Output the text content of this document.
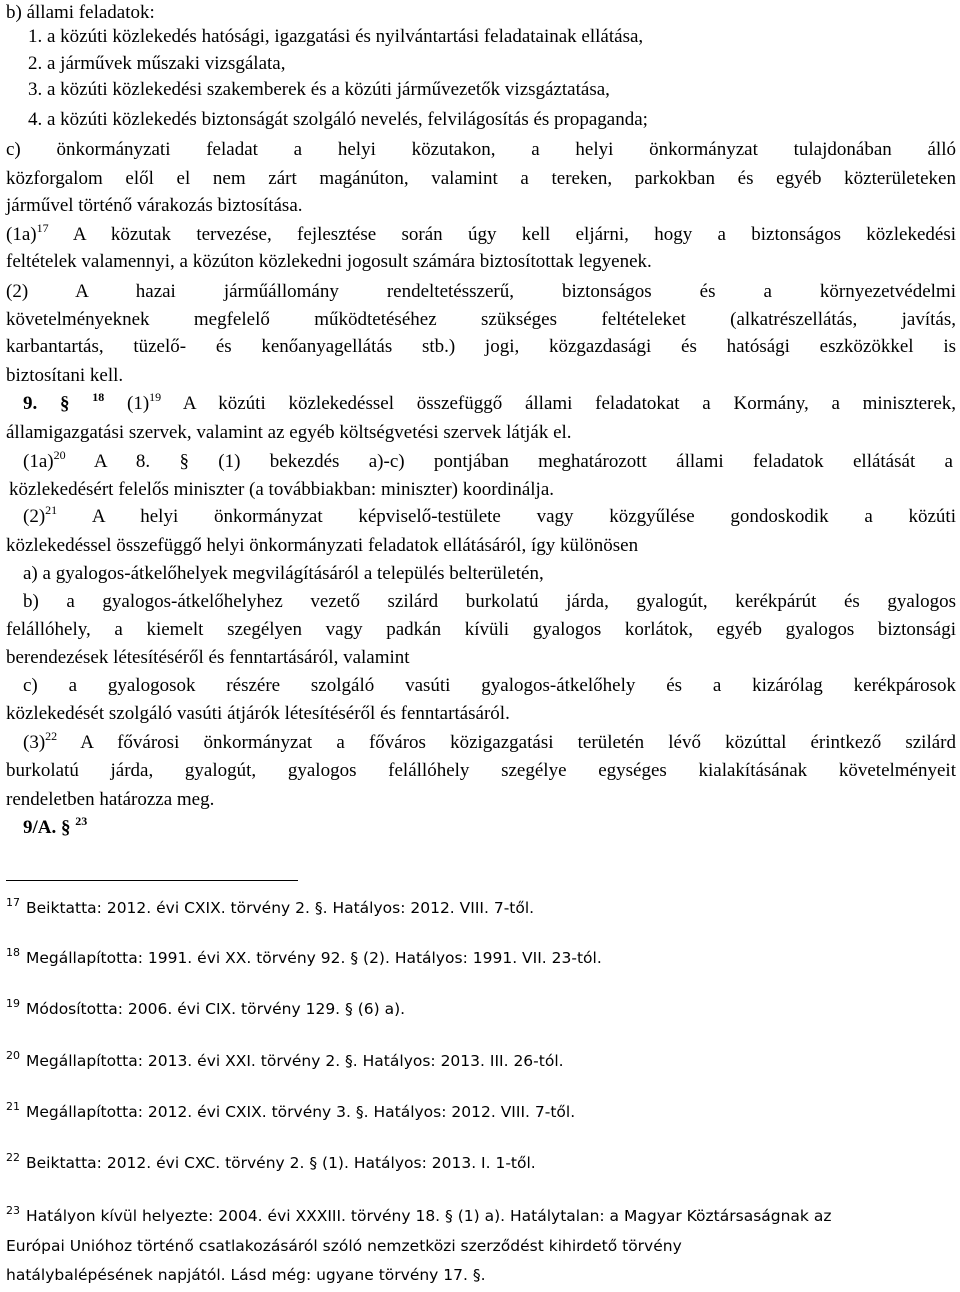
b) állami feladatok:
1. a közúti közlekedés hatósági, igazgatási és nyilvántartási feladatainak ellátása,
2. a járművek műszaki vizsgálata,
3. a közúti közlekedési szakemberek és a közúti járművezetők vizsgáztatása,
4. a közúti közlekedés biztonságát szolgáló nevelés, felvilágosítás és propaganda;
c) önkormányzati feladat a helyi közutakon, a helyi önkormányzat tulajdonában álló
közforgalom elől el nem zárt magánúton, valamint a tereken, parkokban és egyéb közterületeken
járművel történő várakozás biztosítása.
$(1a)^{17}$ A közutak tervezése, fejlesztése során úgy kell eljárni, hogy a biztonságos közlekedési
feltételek valamennyi, a közúton közlekedni jogosult számára biztosítottak legyenek.
(2) A hazai járműállomány rendeltetésszerű, biztonságos és a környezetvédelmi
követelményeknek megfelelő működtetéséhez szükséges feltételeket (alkatrészellátás, javítás,
karbantartás, tüzelő- és kenőanyagellátás stb.) jogi, közgazdasági és hatósági eszközökkel is
biztosítani kell.
9. § $^{18}$ $(1)^{19}$ A közúti közlekedéssel összefüggő állami feladatokat a Kormány, a miniszterek,
államigazgatási szervek, valamint az egyéb költségvetési szervek látják el.
$(1a)^{20}$ A 8. § (1) bekezdés a)-c) pontjában meghatározott állami feladatok ellátását a
közlekedésért felelős miniszter (a továbbiakban: miniszter) koordinálja.
$(2)^{21}$ A helyi önkormányzat képviselő-testülete vagy közgyűlése gondoskodik a közúti
közlekedéssel összefüggő helyi önkormányzati feladatok ellátásáról, így különösen
a) a gyalogos-átkelőhelyek megvilágításáról a település belterületén,
b) a gyalogos-átkelőhelyhez vezető szilárd burkolatú járda, gyalogút, kerékpárút és gyalogos
felállóhely, a kiemelt szegélyen vagy padkán kívüli gyalogos korlátok, egyéb gyalogos biztonsági
berendezések létesítéséről és fenntartásáról, valamint
c) a gyalogosok részére szolgáló vasúti gyalogos-átkelőhely és a kizárólag kerékpárosok
közlekedését szolgáló vasúti átjárók létesítéséről és fenntartásáról.
$(3)^{22}$ A fővárosi önkormányzat a főváros közigazgatási területén lévő közúttal érintkező szilárd
burkolatú járda, gyalogút, gyalogos felállóhely szegélye egységes kialakításának követelményeit
rendeletben határozza meg.
9/A. § $^{23}$
$^{17}$ Beiktatta: 2012. évi CXIX. törvény 2. §. Hatályos: 2012. VIII. 7-től.
$^{18}$ Megállapította: 1991. évi XX. törvény 92. § (2). Hatályos: 1991. VII. 23-tól.
$^{19}$ Módosította: 2006. évi CIX. törvény 129. § (6) a).
$^{20}$ Megállapította: 2013. évi XXI. törvény 2. §. Hatályos: 2013. III. 26-tól.
$^{21}$ Megállapította: 2012. évi CXIX. törvény 3. §. Hatályos: 2012. VIII. 7-től.
$^{22}$ Beiktatta: 2012. évi CXC. törvény 2. § (1). Hatályos: 2013. I. 1-től.
$^{23}$ Hatályon kívül helyezte: 2004. évi XXXIII. törvény 18. § (1) a). Hatálytalan: a Magyar Köztársaságnak az
Európai Unióhoz történő csatlakozásáról szóló nemzetközi szerződést kihirdető törvény
hatálybalépésének napjától. Lásd még: ugyane törvény 17. §.
